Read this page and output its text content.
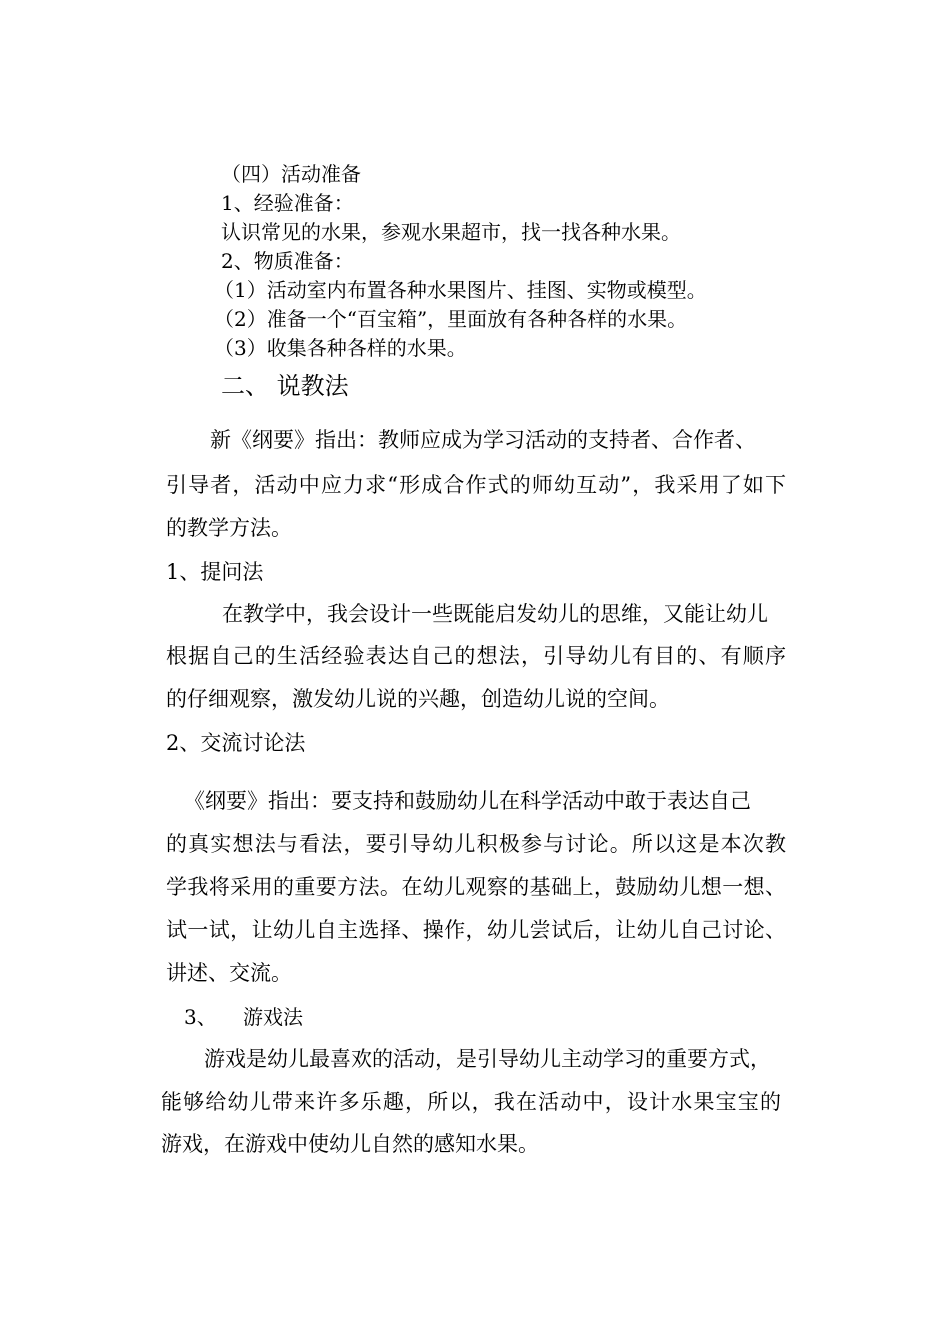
（四）活动准备
1、经验准备：
认识常见的水果，参观水果超市，找一找各种水果。
2、物质准备：
（1）活动室内布置各种水果图片、挂图、实物或模型。
（2）准备一个“百宝箱”，里面放有各种各样的水果。
（3）收集各种各样的水果。
二、 说教法
新《纲要》指出：教师应成为学习活动的支持者、合作者、
引导者，活动中应力求“形成合作式的师幼互动”，我采用了如下
的教学方法。
1、提问法
在教学中，我会设计一些既能启发幼儿的思维，又能让幼儿
根据自己的生活经验表达自己的想法，引导幼儿有目的、有顺序
的仔细观察，激发幼儿说的兴趣，创造幼儿说的空间。
2、交流讨论法
《纲要》指出：要支持和鼓励幼儿在科学活动中敢于表达自己
的真实想法与看法，要引导幼儿积极参与讨论。所以这是本次教
学我将采用的重要方法。在幼儿观察的基础上，鼓励幼儿想一想、
试一试，让幼儿自主选择、操作，幼儿尝试后，让幼儿自己讨论、
讲述、交流。
3、 游戏法
游戏是幼儿最喜欢的活动，是引导幼儿主动学习的重要方式，
能够给幼儿带来许多乐趣，所以，我在活动中，设计水果宝宝的
游戏，在游戏中使幼儿自然的感知水果。
